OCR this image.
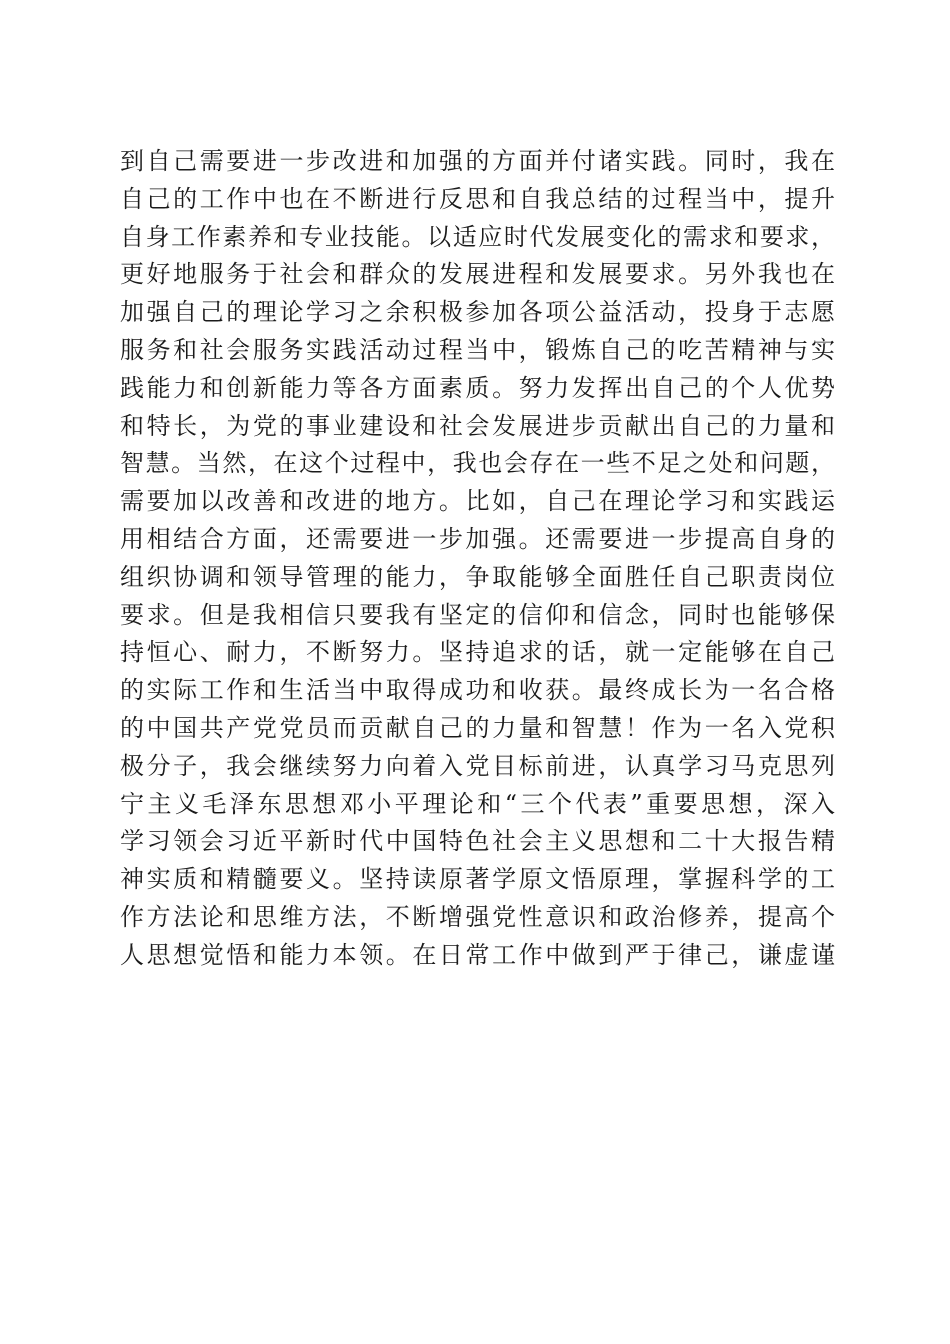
到自己需要进一步改进和加强的方面并付诸实践。同时，我在
自己的工作中也在不断进行反思和自我总结的过程当中，提升
自身工作素养和专业技能。以适应时代发展变化的需求和要求，
更好地服务于社会和群众的发展进程和发展要求。另外我也在
加强自己的理论学习之余积极参加各项公益活动，投身于志愿
服务和社会服务实践活动过程当中，锻炼自己的吃苦精神与实
践能力和创新能力等各方面素质。努力发挥出自己的个人优势
和特长，为党的事业建设和社会发展进步贡献出自己的力量和
智慧。当然，在这个过程中，我也会存在一些不足之处和问题，
需要加以改善和改进的地方。比如，自己在理论学习和实践运
用相结合方面，还需要进一步加强。还需要进一步提高自身的
组织协调和领导管理的能力，争取能够全面胜任自己职责岗位
要求。但是我相信只要我有坚定的信仰和信念，同时也能够保
持恒心、耐力，不断努力。坚持追求的话，就一定能够在自己
的实际工作和生活当中取得成功和收获。最终成长为一名合格
的中国共产党党员而贡献自己的力量和智慧！作为一名入党积
极分子，我会继续努力向着入党目标前进，认真学习马克思列
宁主义毛泽东思想邓小平理论和“三个代表”重要思想，深入
学习领会习近平新时代中国特色社会主义思想和二十大报告精
神实质和精髓要义。坚持读原著学原文悟原理，掌握科学的工
作方法论和思维方法，不断增强党性意识和政治修养，提高个
人思想觉悟和能力本领。在日常工作中做到严于律己，谦虚谨
